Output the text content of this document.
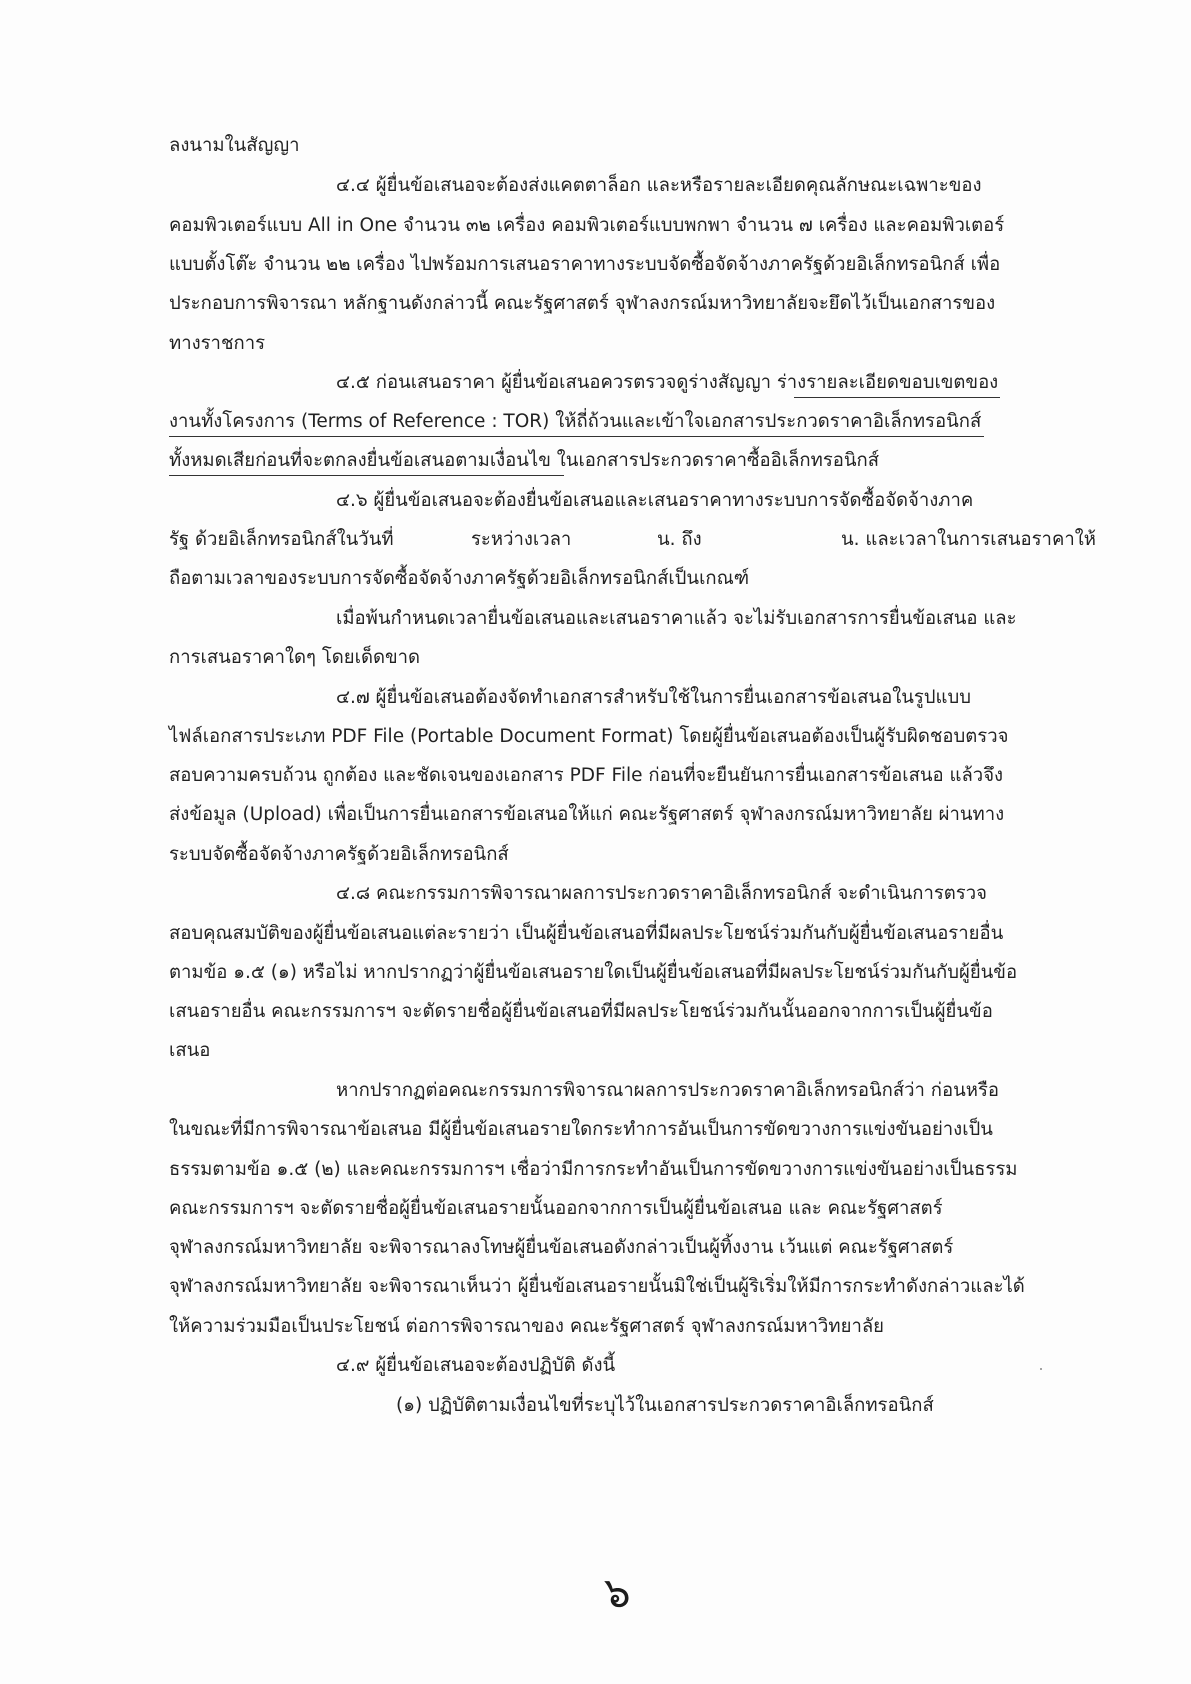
ลงนามในสัญญา
๔.๔ ผู้ยื่นข้อเสนอจะต้องส่งแคตตาล็อก และหรือรายละเอียดคุณลักษณะเฉพาะของ
คอมพิวเตอร์แบบ All in One จำนวน ๓๒ เครื่อง คอมพิวเตอร์แบบพกพา จำนวน ๗ เครื่อง และคอมพิวเตอร์
แบบตั้งโต๊ะ จำนวน ๒๒ เครื่อง ไปพร้อมการเสนอราคาทางระบบจัดซื้อจัดจ้างภาครัฐด้วยอิเล็กทรอนิกส์ เพื่อ
ประกอบการพิจารณา หลักฐานดังกล่าวนี้ คณะรัฐศาสตร์ จุฬาลงกรณ์มหาวิทยาลัยจะยึดไว้เป็นเอกสารของ
ทางราชการ
๔.๕ ก่อนเสนอราคา ผู้ยื่นข้อเสนอควรตรวจดูร่างสัญญา ร่างรายละเอียดขอบเขตของ
งานทั้งโครงการ (Terms of Reference : TOR) ให้ถี่ถ้วนและเข้าใจเอกสารประกวดราคาอิเล็กทรอนิกส์
ทั้งหมดเสียก่อนที่จะตกลงยื่นข้อเสนอตามเงื่อนไข ในเอกสารประกวดราคาซื้ออิเล็กทรอนิกส์
๔.๖ ผู้ยื่นข้อเสนอจะต้องยื่นข้อเสนอและเสนอราคาทางระบบการจัดซื้อจัดจ้างภาค
รัฐ ด้วยอิเล็กทรอนิกส์ในวันที่	ระหว่างเวลา	น. ถึง	น. และเวลาในการเสนอราคาให้
ถือตามเวลาของระบบการจัดซื้อจัดจ้างภาครัฐด้วยอิเล็กทรอนิกส์เป็นเกณฑ์
เมื่อพ้นกำหนดเวลายื่นข้อเสนอและเสนอราคาแล้ว จะไม่รับเอกสารการยื่นข้อเสนอ และ
การเสนอราคาใดๆ โดยเด็ดขาด
๔.๗ ผู้ยื่นข้อเสนอต้องจัดทำเอกสารสำหรับใช้ในการยื่นเอกสารข้อเสนอในรูปแบบ
ไฟล์เอกสารประเภท PDF File (Portable Document Format) โดยผู้ยื่นข้อเสนอต้องเป็นผู้รับผิดชอบตรวจ
สอบความครบถ้วน ถูกต้อง และชัดเจนของเอกสาร PDF File ก่อนที่จะยืนยันการยื่นเอกสารข้อเสนอ แล้วจึง
ส่งข้อมูล (Upload) เพื่อเป็นการยื่นเอกสารข้อเสนอให้แก่ คณะรัฐศาสตร์ จุฬาลงกรณ์มหาวิทยาลัย ผ่านทาง
ระบบจัดซื้อจัดจ้างภาครัฐด้วยอิเล็กทรอนิกส์
๔.๘ คณะกรรมการพิจารณาผลการประกวดราคาอิเล็กทรอนิกส์ จะดำเนินการตรวจ
สอบคุณสมบัติของผู้ยื่นข้อเสนอแต่ละรายว่า เป็นผู้ยื่นข้อเสนอที่มีผลประโยชน์ร่วมกันกับผู้ยื่นข้อเสนอรายอื่น
ตามข้อ ๑.๕ (๑) หรือไม่ หากปรากฏว่าผู้ยื่นข้อเสนอรายใดเป็นผู้ยื่นข้อเสนอที่มีผลประโยชน์ร่วมกันกับผู้ยื่นข้อ
เสนอรายอื่น คณะกรรมการฯ จะตัดรายชื่อผู้ยื่นข้อเสนอที่มีผลประโยชน์ร่วมกันนั้นออกจากการเป็นผู้ยื่นข้อ
เสนอ
หากปรากฏต่อคณะกรรมการพิจารณาผลการประกวดราคาอิเล็กทรอนิกส์ว่า ก่อนหรือ
ในขณะที่มีการพิจารณาข้อเสนอ มีผู้ยื่นข้อเสนอรายใดกระทำการอันเป็นการขัดขวางการแข่งขันอย่างเป็น
ธรรมตามข้อ ๑.๕ (๒) และคณะกรรมการฯ เชื่อว่ามีการกระทำอันเป็นการขัดขวางการแข่งขันอย่างเป็นธรรม
คณะกรรมการฯ จะตัดรายชื่อผู้ยื่นข้อเสนอรายนั้นออกจากการเป็นผู้ยื่นข้อเสนอ และ คณะรัฐศาสตร์
จุฬาลงกรณ์มหาวิทยาลัย จะพิจารณาลงโทษผู้ยื่นข้อเสนอดังกล่าวเป็นผู้ทิ้งงาน เว้นแต่ คณะรัฐศาสตร์
จุฬาลงกรณ์มหาวิทยาลัย จะพิจารณาเห็นว่า ผู้ยื่นข้อเสนอรายนั้นมิใช่เป็นผู้ริเริ่มให้มีการกระทำดังกล่าวและได้
ให้ความร่วมมือเป็นประโยชน์ ต่อการพิจารณาของ คณะรัฐศาสตร์ จุฬาลงกรณ์มหาวิทยาลัย
๔.๙ ผู้ยื่นข้อเสนอจะต้องปฏิบัติ ดังนี้
(๑) ปฏิบัติตามเงื่อนไขที่ระบุไว้ในเอกสารประกวดราคาอิเล็กทรอนิกส์
๖
